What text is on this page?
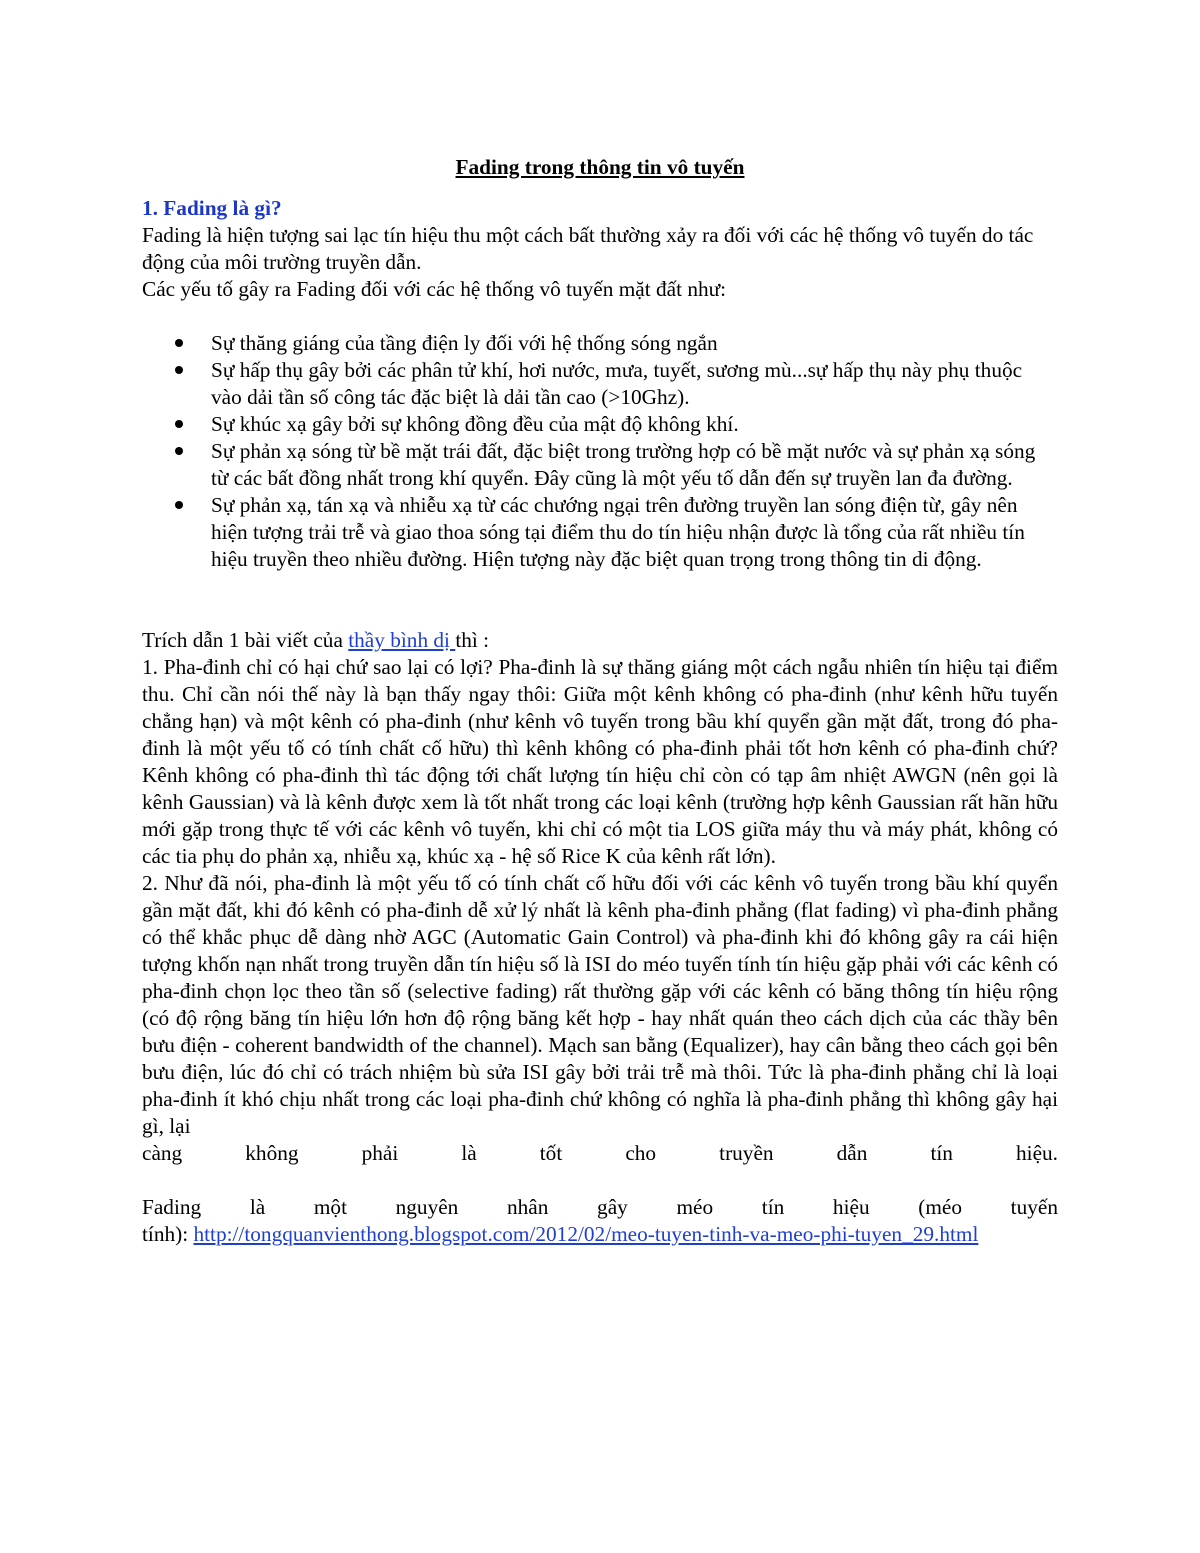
Fading trong thông tin vô tuyến
1. Fading là gì?

Fading là hiện tượng sai lạc tín hiệu thu một cách bất thường xảy ra đối với các hệ thống vô tuyến do tác động của môi trường truyền dẫn.

Các yếu tố gây ra Fading đối với các hệ thống vô tuyến mặt đất như:

Sự thăng giáng của tầng điện ly đối với hệ thống sóng ngắn
Sự hấp thụ gây bởi các phân tử khí, hơi nước, mưa, tuyết, sương mù...sự hấp thụ này phụ thuộc vào dải tần số công tác đặc biệt là dải tần cao (>10Ghz).
Sự khúc xạ gây bởi sự không đồng đều của mật độ không khí.
Sự phản xạ sóng từ bề mặt trái đất, đặc biệt trong trường hợp có bề mặt nước và sự phản xạ sóng từ các bất đồng nhất trong khí quyển. Đây cũng là một yếu tố dẫn đến sự truyền lan đa đường.
Sự phản xạ, tán xạ và nhiễu xạ từ các chướng ngại trên đường truyền lan sóng điện từ, gây nên hiện tượng trải trễ và giao thoa sóng tại điểm thu do tín hiệu nhận được là tổng của rất nhiều tín hiệu truyền theo nhiều đường. Hiện tượng này đặc biệt quan trọng trong thông tin di động.

Trích dẫn 1 bài viết của thầy bình dị thì :

1. Pha-đinh chỉ có hại chứ sao lại có lợi? Pha-đinh là sự thăng giáng một cách ngẫu nhiên tín hiệu tại điểm thu. Chỉ cần nói thế này là bạn thấy ngay thôi: Giữa một kênh không có pha-đinh (như kênh hữu tuyến chẳng hạn) và một kênh có pha-đinh (như kênh vô tuyến trong bầu khí quyển gần mặt đất, trong đó pha-đinh là một yếu tố có tính chất cố hữu) thì kênh không có pha-đinh phải tốt hơn kênh có pha-đinh chứ? Kênh không có pha-đinh thì tác động tới chất lượng tín hiệu chỉ còn có tạp âm nhiệt AWGN (nên gọi là kênh Gaussian) và là kênh được xem là tốt nhất trong các loại kênh (trường hợp kênh Gaussian rất hãn hữu mới gặp trong thực tế với các kênh vô tuyến, khi chỉ có một tia LOS giữa máy thu và máy phát, không có các tia phụ do phản xạ, nhiễu xạ, khúc xạ - hệ số Rice K của kênh rất lớn).

2. Như đã nói, pha-đinh là một yếu tố có tính chất cố hữu đối với các kênh vô tuyến trong bầu khí quyển gần mặt đất, khi đó kênh có pha-đinh dễ xử lý nhất là kênh pha-đinh phẳng (flat fading) vì pha-đinh phẳng có thể khắc phục dễ dàng nhờ AGC (Automatic Gain Control) và pha-đinh khi đó không gây ra cái hiện tượng khốn nạn nhất trong truyền dẫn tín hiệu số là ISI do méo tuyến tính tín hiệu gặp phải với các kênh có pha-đinh chọn lọc theo tần số (selective fading) rất thường gặp với các kênh có băng thông tín hiệu rộng (có độ rộng băng tín hiệu lớn hơn độ rộng băng kết hợp - hay nhất quán theo cách dịch của các thầy bên bưu điện - coherent bandwidth of the channel). Mạch san bằng (Equalizer), hay cân bằng theo cách gọi bên bưu điện, lúc đó chỉ có trách nhiệm bù sửa ISI gây bởi trải trễ mà thôi. Tức là pha-đinh phẳng chỉ là loại pha-đinh ít khó chịu nhất trong các loại pha-đinh chứ không có nghĩa là pha-đinh phẳng thì không gây hại gì, lại

càng không phải là tốt cho truyền dẫn tín hiệu.

Fading là một nguyên nhân gây méo tín hiệu (méo tuyến

tính): http://tongquanvienthong.blogspot.com/2012/02/meo-tuyen-tinh-va-meo-phi-tuyen_29.html
